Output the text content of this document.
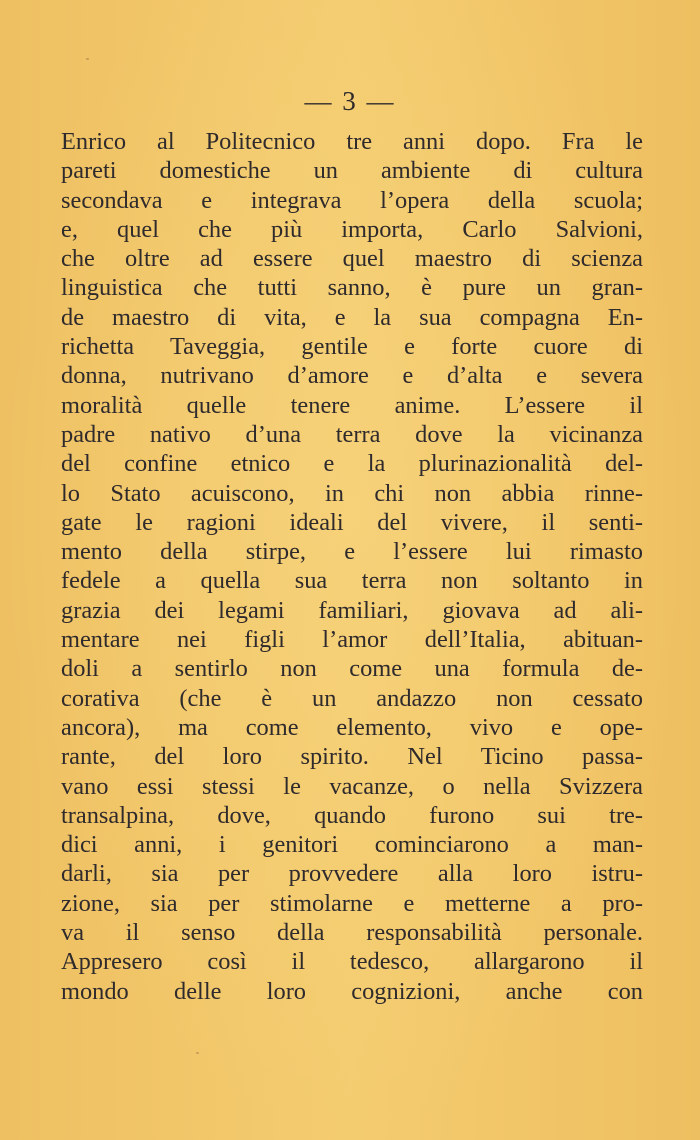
— 3 —
Enrico al Politecnico tre anni dopo. Fra le
pareti domestiche un ambiente di cultura
secondava e integrava l’opera della scuola;
e, quel che più importa, Carlo Salvioni,
che oltre ad essere quel maestro di scienza
linguistica che tutti sanno, è pure un gran-
de maestro di vita, e la sua compagna En-
richetta Taveggia, gentile e forte cuore di
donna, nutrivano d’amore e d’alta e severa
moralità quelle tenere anime. L’essere il
padre nativo d’una terra dove la vicinanza
del confine etnico e la plurinazionalità del-
lo Stato acuiscono, in chi non abbia rinne-
gate le ragioni ideali del vivere, il senti-
mento della stirpe, e l’essere lui rimasto
fedele a quella sua terra non soltanto in
grazia dei legami familiari, giovava ad ali-
mentare nei figli l’amor dell’Italia, abituan-
doli a sentirlo non come una formula de-
corativa (che è un andazzo non cessato
ancora), ma come elemento, vivo e ope-
rante, del loro spirito. Nel Ticino passa-
vano essi stessi le vacanze, o nella Svizzera
transalpina, dove, quando furono sui tre-
dici anni, i genitori cominciarono a man-
darli, sia per provvedere alla loro istru-
zione, sia per stimolarne e metterne a pro-
va il senso della responsabilità personale.
Appresero così il tedesco, allargarono il
mondo delle loro cognizioni, anche con
